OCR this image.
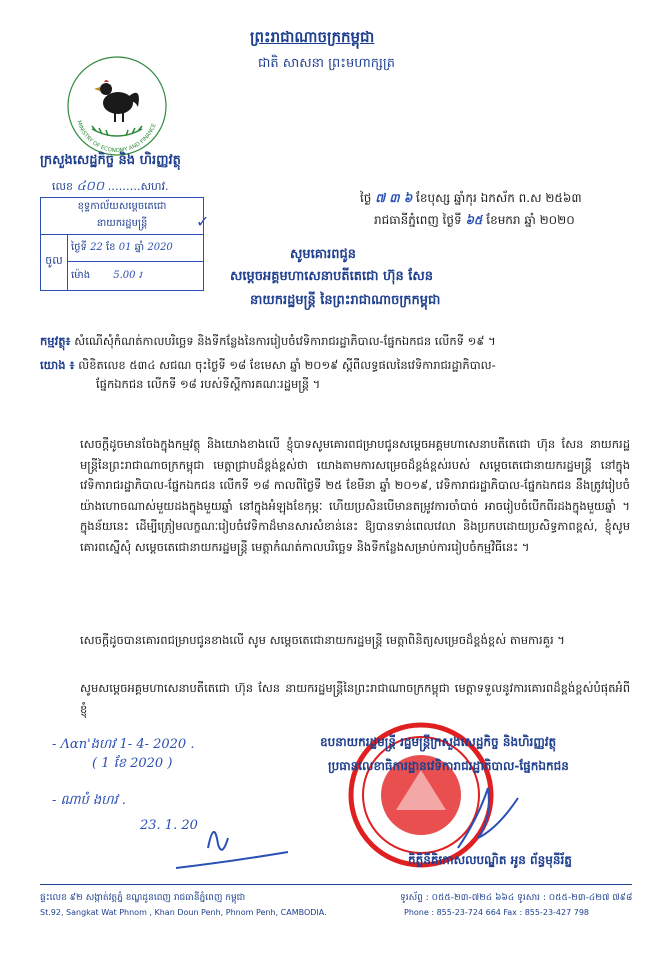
ព្រះរាជាណាចក្រកម្ពុជា
ជាតិ សាសនា ព្រះមហាក្សត្រ
MINISTRY OF ECONOMY AND FINANCE
ក្រសួងសេដ្ឋកិច្ច និង ហិរញ្ញវត្ថុ
លេខ ៤០០ ………សហវ.
ខុទ្ទកាល័យសម្តេចតេជោ
នាយករដ្ឋមន្ត្រី
ចូល
ថ្ងៃទី 22 ខែ 01 ឆ្នាំ 2020
ម៉ោង 5.00 រ
✓
ថ្ងៃ ៧ ៣ ៦ ខែបុស្ស ឆ្នាំកុរ ឯកស័ក ព.ស ២៥៦៣
រាជធានីភ្នំពេញ ថ្ងៃទី ៦៥ ខែមករា ឆ្នាំ ២០២០
សូមគោរពជូន
សម្តេចអគ្គមហាសេនាបតីតេជោ ហ៊ុន សែន
នាយករដ្ឋមន្ត្រី នៃព្រះរាជាណាចក្រកម្ពុជា
កម្មវត្ថុ៖ សំណើសុំកំណត់កាលបរិច្ឆេទ និងទីកន្លែងនៃការរៀបចំវេទិការាជរដ្ឋាភិបាល-ផ្នែកឯកជន លើកទី ១៩ ។
យោង ៖ លិខិតលេខ ៥៣៤ សជណ ចុះថ្ងៃទី ១៨ ខែមេសា ឆ្នាំ ២០១៩ ស្តីពីលទ្ធផលនៃវេទិការាជរដ្ឋាភិបាល-
ផ្នែកឯកជន លើកទី ១៨ របស់ទីស្តីការគណៈរដ្ឋមន្ត្រី ។
សេចក្តីដូចមានចែងក្នុងកម្មវត្ថុ និងយោងខាងលើ ខ្ញុំបាទសូមគោរពជម្រាបជូនសម្តេចអគ្គមហាសេនាបតីតេជោ ហ៊ុន សែន នាយករដ្ឋមន្ត្រីនៃព្រះរាជាណាចក្រកម្ពុជា មេត្តាជ្រាបដ៏ខ្ពង់ខ្ពស់ថា យោងតាមការសម្រេចដ៏ខ្ពង់ខ្ពស់របស់ សម្តេចតេជោនាយករដ្ឋមន្ត្រី នៅក្នុងវេទិការាជរដ្ឋាភិបាល-ផ្នែកឯកជន លើកទី ១៨ កាលពីថ្ងៃទី ២៥ ខែមីនា ឆ្នាំ ២០១៩, វេទិការាជរដ្ឋាភិបាល-ផ្នែកឯកជន នឹងត្រូវរៀបចំយ៉ាងហោចណាស់មួយដងក្នុងមួយឆ្នាំ នៅក្នុងអំឡុងខែកុម្ភៈ ហើយប្រសិនបើមានតម្រូវការចាំបាច់ អាចរៀបចំបើកពីរដងក្នុងមួយឆ្នាំ ។ ក្នុងន័យនេះ ដើម្បីត្រៀមលក្ខណៈរៀបចំវេទិកាដ៏មានសារសំខាន់នេះ ឱ្យបានទាន់ពេលវេលា និងប្រកបដោយប្រសិទ្ធភាពខ្ពស់, ខ្ញុំសូមគោរពស្នើសុំ សម្តេចតេជោនាយករដ្ឋមន្ត្រី មេត្តាកំណត់កាលបរិច្ឆេទ និងទីកន្លែងសម្រាប់ការរៀបចំកម្មវិធីនេះ ។
សេចក្តីដូចបានគោរពជម្រាបជូនខាងលើ សូម សម្តេចតេជោនាយករដ្ឋមន្ត្រី មេត្តាពិនិត្យសម្រេចដ៏ខ្ពង់ខ្ពស់ តាមការគួរ ។
សូមសម្តេចអគ្គមហាសេនាបតីតេជោ ហ៊ុន សែន នាយករដ្ឋមន្ត្រីនៃព្រះរាជាណាចក្រកម្ពុជា មេត្តាទទួលនូវការគោរពដ៏ខ្ពង់ខ្ពស់បំផុតអំពីខ្ញុំ
- Λαn'ងហវ 1- 4- 2020 .
( 1 ខែ 2020 )
- ណាបំ ងហវ .
23. 1. 20
ឧបនាយករដ្ឋមន្ត្រី រដ្ឋមន្ត្រីក្រសួងសេដ្ឋកិច្ច និងហិរញ្ញវត្ថុ
ប្រធានលេខាធិការដ្ឋានវេទិការាជរដ្ឋាភិបាល-ផ្នែកឯកជន
កិត្តិនីតិកោសលបណ្ឌិត អូន ព័ន្ធមុនីរ័ត្ន
ផ្ទះលេខ ៩២ សង្កាត់វត្តភ្នំ ខណ្ឌដូនពេញ រាជធានីភ្នំពេញ កម្ពុជា
St.92, Sangkat Wat Phnom , Khan Doun Penh, Phnom Penh, CAMBODIA.
ទូរស័ព្ទ : ០៥៥-២៣-៧២៤ ៦៦៤ ទូរសារ : ០៥៥-២៣-៤២៧ ៧៩៨
Phone : 855-23-724 664 Fax : 855-23-427 798
